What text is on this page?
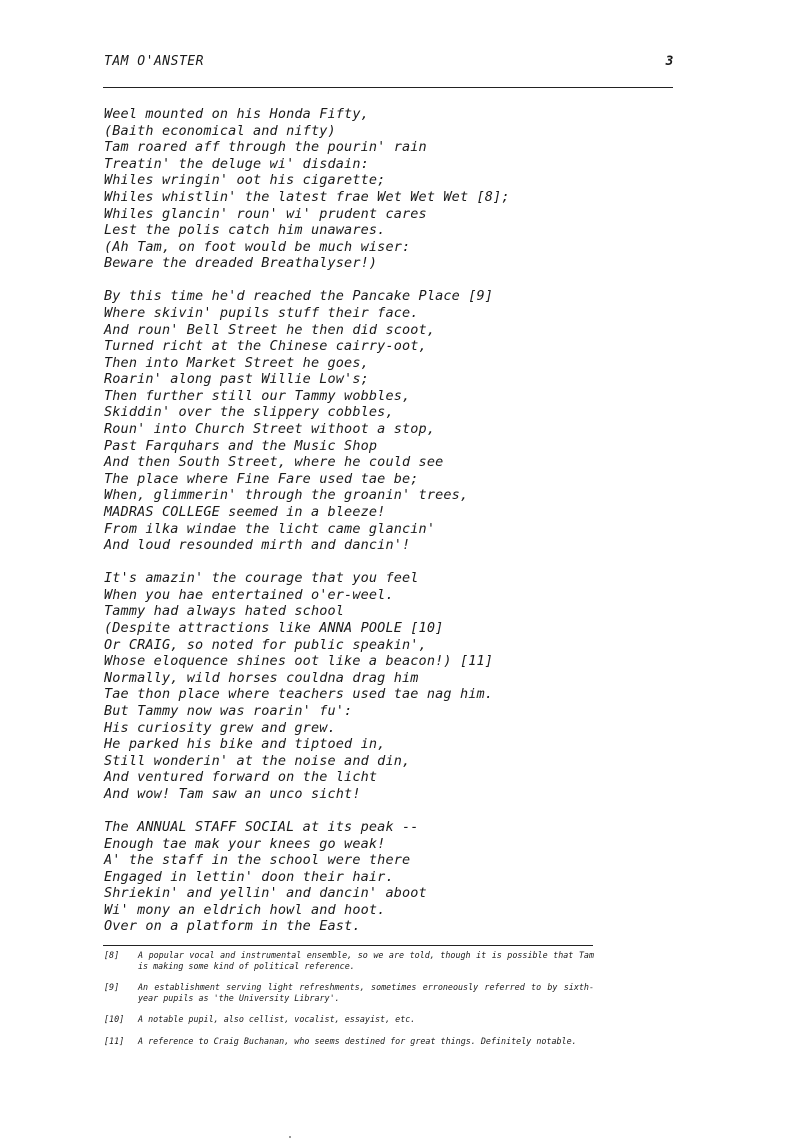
TAM O'ANSTER	3
Weel mounted on his Honda Fifty,
(Baith economical and nifty)
Tam roared aff through the pourin' rain
Treatin' the deluge wi' disdain:
Whiles wringin' oot his cigarette;
Whiles whistlin' the latest frae Wet Wet Wet [8];
Whiles glancin' roun' wi' prudent cares
Lest the polis catch him unawares.
(Ah Tam, on foot would be much wiser:
Beware the dreaded Breathalyser!)
By this time he'd reached the Pancake Place [9]
Where skivin' pupils stuff their face.
And roun' Bell Street he then did scoot,
Turned richt at the Chinese cairry-oot,
Then into Market Street he goes,
Roarin' along past Willie Low's;
Then further still our Tammy wobbles,
Skiddin' over the slippery cobbles,
Roun' into Church Street withoot a stop,
Past Farquhars and the Music Shop
And then South Street, where he could see
The place where Fine Fare used tae be;
When, glimmerin' through the groanin' trees,
MADRAS COLLEGE seemed in a bleeze!
From ilka windae the licht came glancin'
And loud resounded mirth and dancin'!
It's amazin' the courage that you feel
When you hae entertained o'er-weel.
Tammy had always hated school
(Despite attractions like ANNA POOLE [10]
Or CRAIG, so noted for public speakin',
Whose eloquence shines oot like a beacon!) [11]
Normally, wild horses couldna drag him
Tae thon place where teachers used tae nag him.
But Tammy now was roarin' fu':
His curiosity grew and grew.
He parked his bike and tiptoed in,
Still wonderin' at the noise and din,
And ventured forward on the licht
And wow! Tam saw an unco sicht!
The ANNUAL STAFF SOCIAL at its peak --
Enough tae mak your knees go weak!
A' the staff in the school were there
Engaged in lettin' doon their hair.
Shriekin' and yellin' and dancin' aboot
Wi' mony an eldrich howl and hoot.
Over on a platform in the East.
[8]	A popular vocal and instrumental ensemble, so we are told, though it is possible that Tam is making some kind of political reference.
[9]	An establishment serving light refreshments, sometimes erroneously referred to by sixth-year pupils as 'the University Library'.
[10]	A notable pupil, also cellist, vocalist, essayist, etc.
[11]	A reference to Craig Buchanan, who seems destined for great things. Definitely notable.
